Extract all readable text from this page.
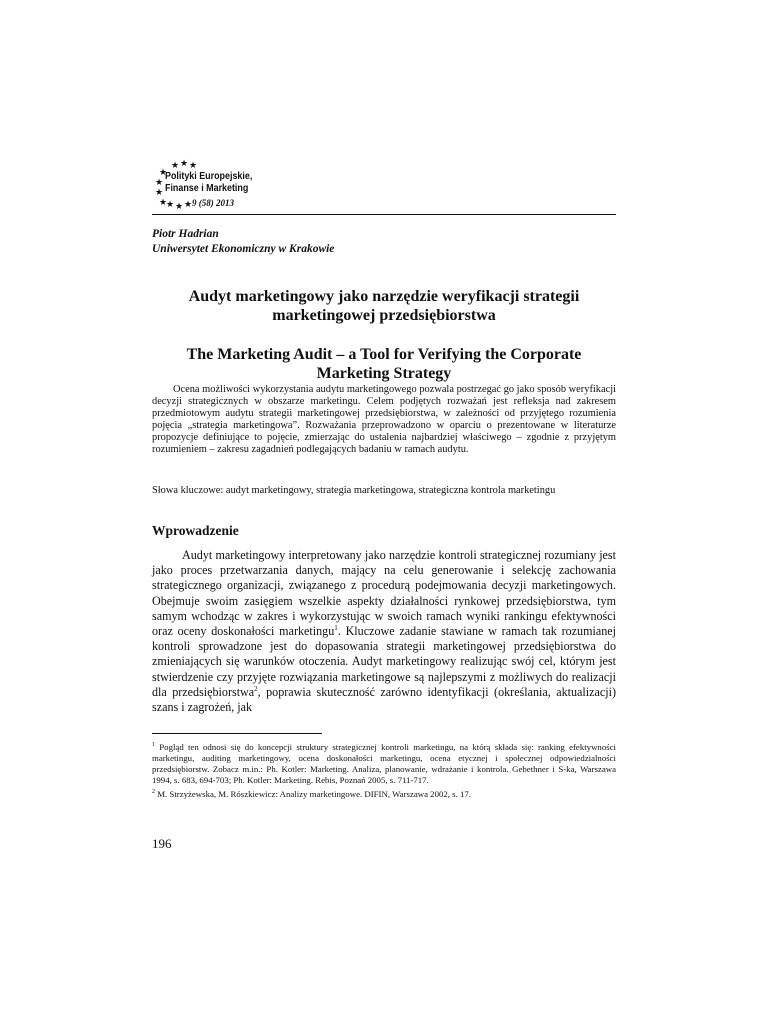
★ ★ ★
★
★
★
★
★ ★ ★
Polityki Europejskie,
Finanse i Marketing
9 (58) 2013
Piotr Hadrian
Uniwersytet Ekonomiczny w Krakowie
Audyt marketingowy jako narzędzie weryfikacji strategii
marketingowej przedsiębiorstwa
The Marketing Audit – a Tool for Verifying the Corporate
Marketing Strategy

Ocena możliwości wykorzystania audytu marketingowego pozwala postrzegać go jako sposób weryfikacji decyzji strategicznych w obszarze marketingu. Celem podjętych rozważań jest refleksja nad zakresem przedmiotowym audytu strategii marketingowej przedsiębiorstwa, w zależności od przyjętego rozumienia pojęcia „strategia marketingowa”. Rozważania przeprowadzono w oparciu o prezentowane w literaturze propozycje definiujące to pojęcie, zmierzając do ustalenia najbardziej właściwego – zgodnie z przyjętym rozumieniem – zakresu zagadnień podlegających badaniu w ramach audytu.

Słowa kluczowe: audyt marketingowy, strategia marketingowa, strategiczna kontrola marketingu
Wprowadzenie

Audyt marketingowy interpretowany jako narzędzie kontroli strategicznej rozumiany jest jako proces przetwarzania danych, mający na celu generowanie i selekcję zachowania strategicznego organizacji, związanego z procedurą podejmowania decyzji marketingowych. Obejmuje swoim zasięgiem wszelkie aspekty działalności rynkowej przedsiębiorstwa, tym samym wchodząc w zakres i wykorzystując w swoich ramach wyniki rankingu efektywności oraz oceny doskonałości marketingu$^1$. Kluczowe zadanie stawiane w ramach tak rozumianej kontroli sprowadzone jest do dopasowania strategii marketingowej przedsiębiorstwa do zmieniających się warunków otoczenia. Audyt marketingowy realizując swój cel, którym jest stwierdzenie czy przyjęte rozwiązania marketingowe są najlepszymi z możliwych do realizacji dla przedsiębiorstwa$^2$, poprawia skuteczność zarówno identyfikacji (określania, aktualizacji) szans i zagrożeń, jak

$^1$ Pogląd ten odnosi się do koncepcji struktury strategicznej kontroli marketingu, na którą składa się: ranking efektywności marketingu, auditing marketingowy, ocena doskonałości marketingu, ocena etycznej i społecznej odpowiedzialności przedsiębiorstw. Zobacz m.in.: Ph. Kotler: Marketing. Analiza, planowanie, wdrażanie i kontrola. Gebethner i S-ka, Warszawa 1994, s. 683, 694-703; Ph. Kotler: Marketing. Rebis, Poznań 2005, s. 711-717.

$^2$ M. Strzyżewska, M. Rószkiewicz: Analizy marketingowe. DIFIN, Warszawa 2002, s. 17.

196
